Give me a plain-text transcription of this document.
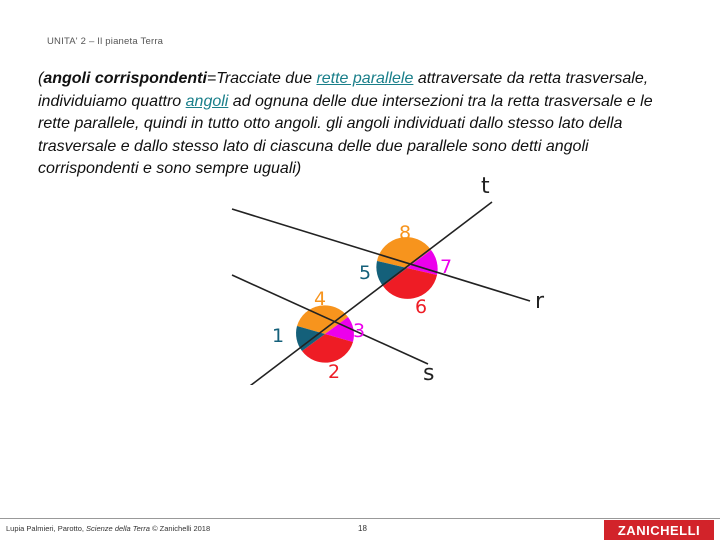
UNITA' 2 – Il pianeta Terra
(angoli corrispondenti=Tracciate due rette parallele attraversate da retta trasversale, individuiamo quattro angoli ad ognuna delle due intersezioni tra la retta trasversale e le rette parallele, quindi in tutto otto angoli. gli angoli individuati dallo stesso lato della trasversale e dallo stesso lato di ciascuna delle due parallele sono detti angoli corrispondenti e sono sempre uguali)
t
r
s
8
7
5
6
4
3
1
2
Lupia Palmieri, Parotto, Scienze della Terra © Zanichelli 2018	18	ZANICHELLI
